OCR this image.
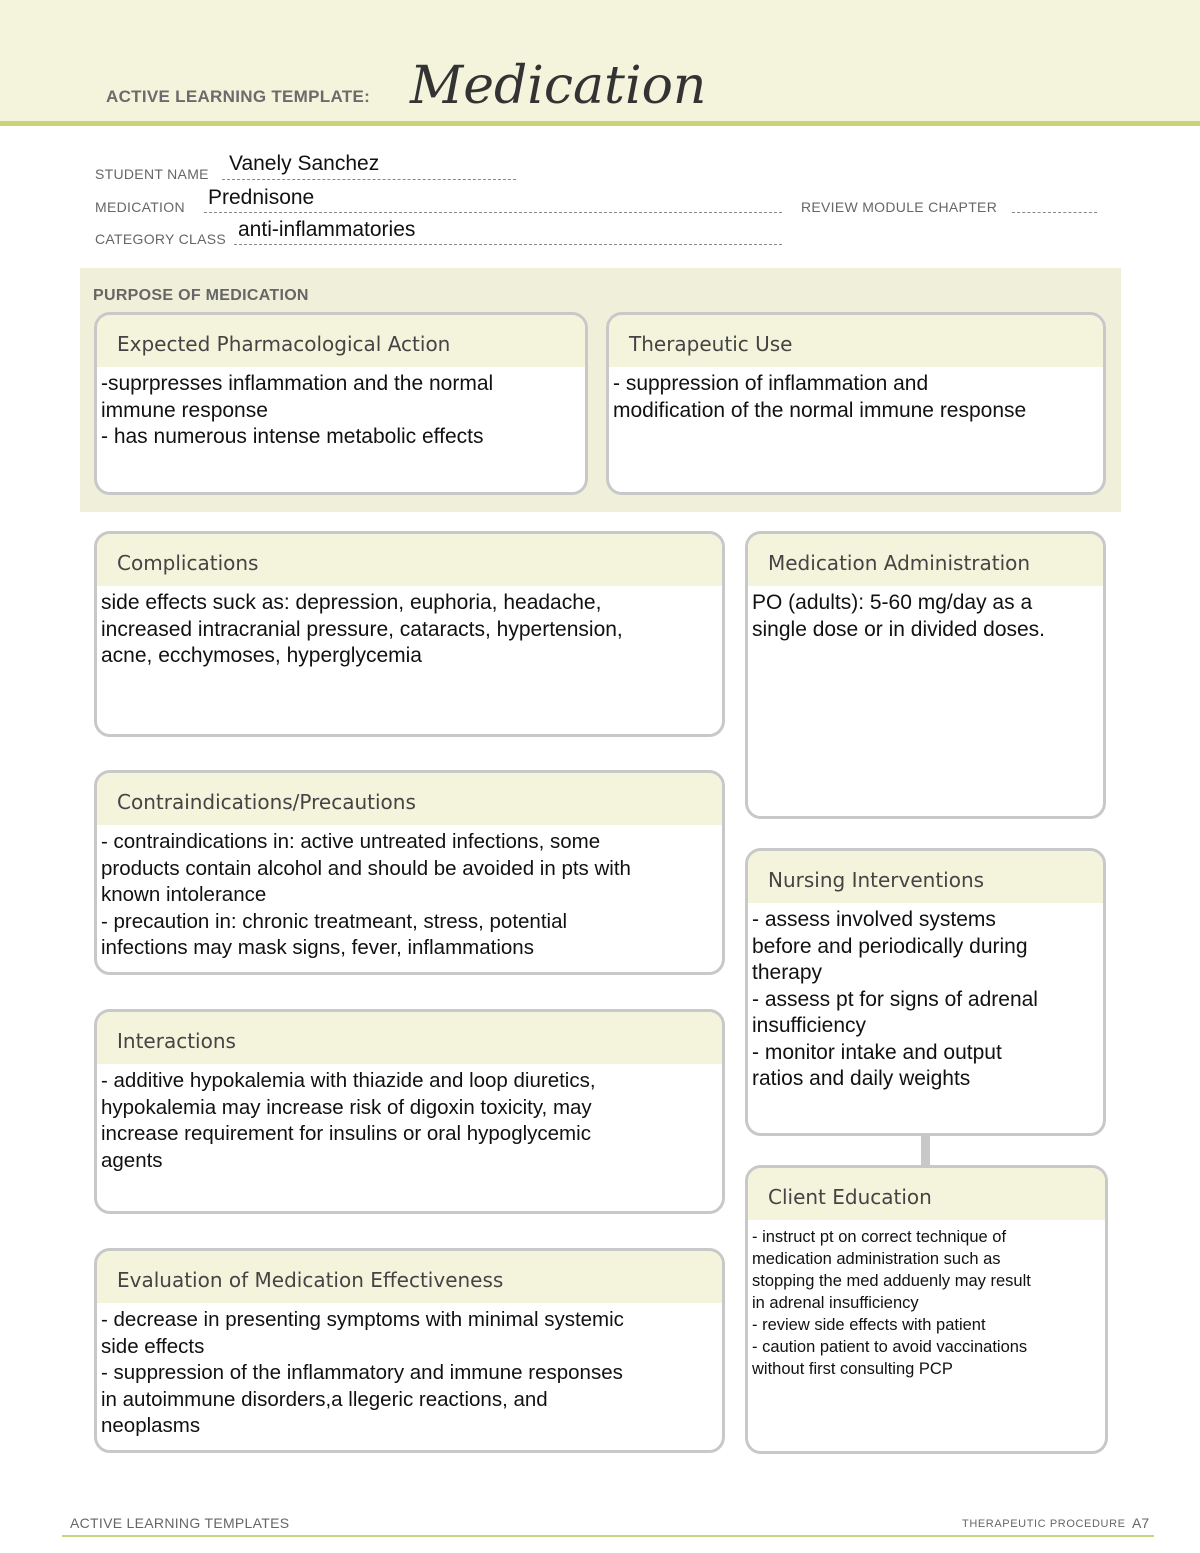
ACTIVE LEARNING TEMPLATE: Medication
STUDENT NAME Vanely Sanchez
MEDICATION Prednisone	REVIEW MODULE CHAPTER
CATEGORY CLASS anti-inflammatories
PURPOSE OF MEDICATION
Expected Pharmacological Action
-suprpresses inflammation and the normal
immune response
- has numerous intense metabolic effects
Therapeutic Use
- suppression of inflammation and
modification of the normal immune response
Complications
side effects suck as: depression, euphoria, headache,
increased intracranial pressure, cataracts, hypertension,
acne, ecchymoses, hyperglycemia
Medication Administration
PO (adults): 5-60 mg/day as a
single dose or in divided doses.
Contraindications/Precautions
- contraindications in: active untreated infections, some
products contain alcohol and should be avoided in pts with
known intolerance
- precaution in: chronic treatmeant, stress, potential
infections may mask signs, fever, inflammations
Nursing Interventions
- assess involved systems
before and periodically during
therapy
- assess pt for signs of adrenal
insufficiency
- monitor intake and output
ratios and daily weights
Interactions
- additive hypokalemia with thiazide and loop diuretics,
hypokalemia may increase risk of digoxin toxicity, may
increase requirement for insulins or oral hypoglycemic
agents
Client Education
- instruct pt on correct technique of
medication administration such as
stopping the med adduenly may result
in adrenal insufficiency
- review side effects with patient
- caution patient to avoid vaccinations
without first consulting PCP
Evaluation of Medication Effectiveness
- decrease in presenting symptoms with minimal systemic
side effects
- suppression of the inflammatory and immune responses
in autoimmune disorders,a llegeric reactions, and
neoplasms
ACTIVE LEARNING TEMPLATES	THERAPEUTIC PROCEDURE A7
